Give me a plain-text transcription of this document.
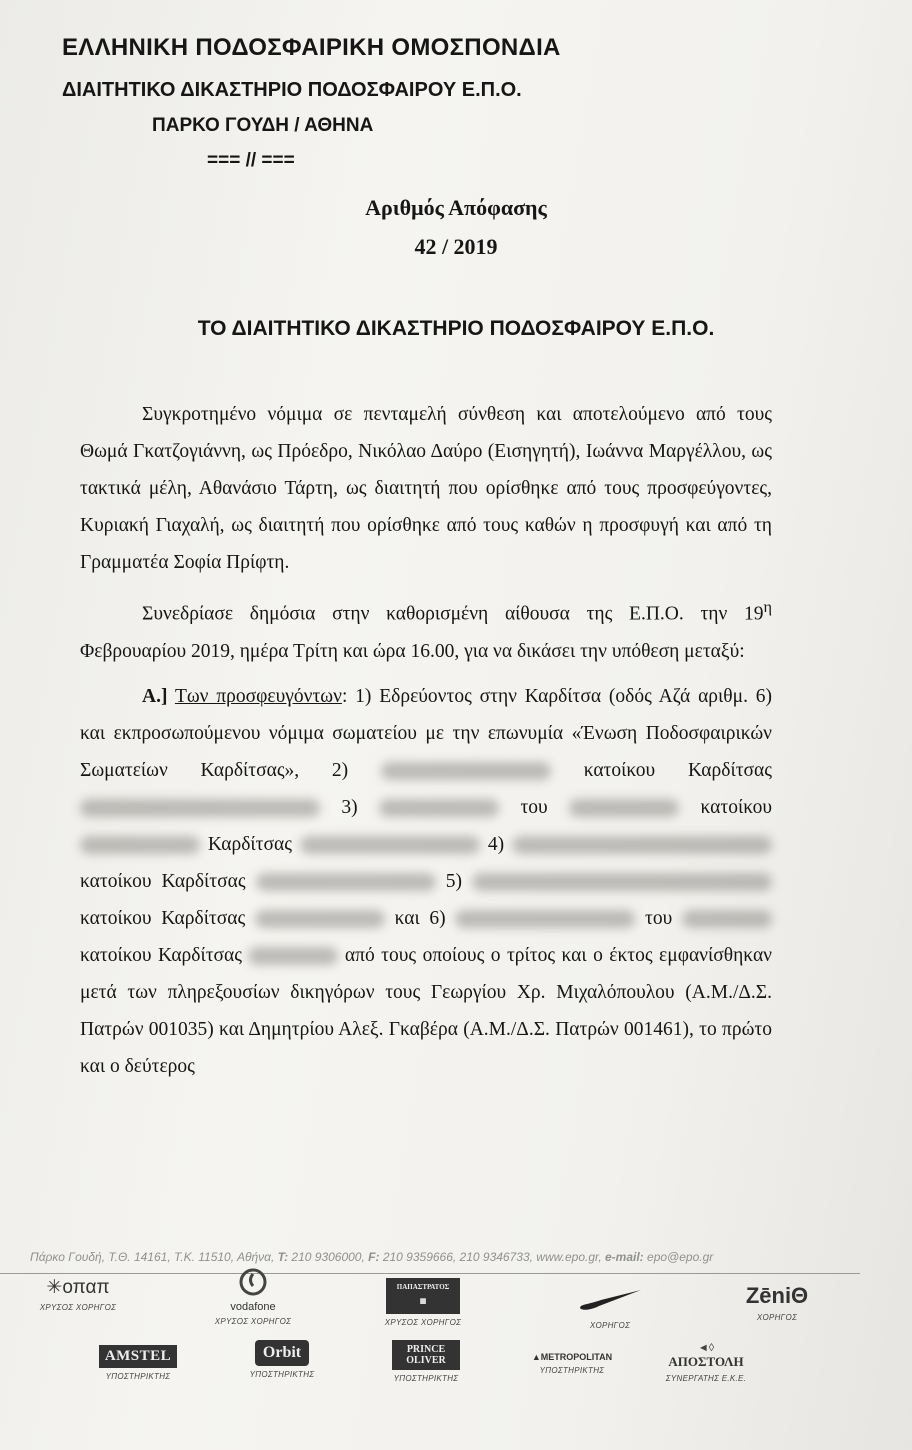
ΕΛΛΗΝΙΚΗ ΠΟΔΟΣΦΑΙΡΙΚΗ ΟΜΟΣΠΟΝΔΙΑ
ΔΙΑΙΤΗΤΙΚΟ ΔΙΚΑΣΤΗΡΙΟ ΠΟΔΟΣΦΑΙΡΟΥ Ε.Π.Ο.
ΠΑΡΚΟ ΓΟΥΔΗ / ΑΘΗΝΑ
=== // ===
Αριθμός Απόφασης
42 / 2019
ΤΟ ΔΙΑΙΤΗΤΙΚΟ ΔΙΚΑΣΤΗΡΙΟ ΠΟΔΟΣΦΑΙΡΟΥ Ε.Π.Ο.

Συγκροτημένο νόμιμα σε πενταμελή σύνθεση και αποτελούμενο από τους Θωμά Γκατζογιάννη, ως Πρόεδρο, Νικόλαο Δαύρο (Εισηγητή), Ιωάννα Μαργέλλου, ως τακτικά μέλη, Αθανάσιο Τάρτη, ως διαιτητή που ορίσθηκε από τους προσφεύγοντες, Κυριακή Γιαχαλή, ως διαιτητή που ορίσθηκε από τους καθών η προσφυγή και από τη Γραμματέα Σοφία Πρίφτη.

Συνεδρίασε δημόσια στην καθορισμένη αίθουσα της Ε.Π.Ο. την $19^\eta$ Φεβρουαρίου 2019, ημέρα Τρίτη και ώρα 16.00, για να δικάσει την υπόθεση μεταξύ:

Α.] Των προσφευγόντων: 1) Εδρεύοντος στην Καρδίτσα (οδός Αζά αριθμ. 6) και εκπροσωπούμενου νόμιμα σωματείου με την επωνυμία «Ένωση Ποδοσφαιρικών Σωματείων Καρδίτσας», 2)	κατοίκου Καρδίτσας  3)	του	κατοίκου  Καρδίτσας	4)  κατοίκου Καρδίτσας	5)  κατοίκου Καρδίτσας	και 6)	του  κατοίκου Καρδίτσας	από τους οποίους ο τρίτος και ο έκτος εμφανίσθηκαν μετά των πληρεξουσίων δικηγόρων τους Γεωργίου Χρ. Μιχαλόπουλου (Α.Μ./Δ.Σ. Πατρών 001035) και Δημητρίου Αλεξ. Γκαβέρα (Α.Μ./Δ.Σ. Πατρών 001461), το πρώτο και ο δεύτερος

Πάρκο Γουδή, Τ.Θ. 14161, Τ.Κ. 11510, Αθήνα, T: 210 9306000, F: 210 9359666, 210 9346733, www.epo.gr, e-mail: epo@epo.gr
✳οπαπ
ΧΡΥΣΟΣ ΧΟΡΗΓΟΣ	vodafone
ΧΡΥΣΟΣ ΧΟΡΗΓΟΣ
ΠΑΠΑΣΤΡΑΤΟΣ
▦
ΧΡΥΣΟΣ ΧΟΡΗΓΟΣ	ΧΟΡΗΓΟΣ
ZēniΘ
ΧΟΡΗΓΟΣ
AMSTEL
ΥΠΟΣΤΗΡΙΚΤΗΣ
Orbit
ΥΠΟΣΤΗΡΙΚΤΗΣ
PRINCE OLIVER
ΥΠΟΣΤΗΡΙΚΤΗΣ
▲METROPOLITAN
ΥΠΟΣΤΗΡΙΚΤΗΣ
◄◊
ΑΠΟΣΤΟΛΗ
ΣΥΝΕΡΓΑΤΗΣ Ε.Κ.Ε.
